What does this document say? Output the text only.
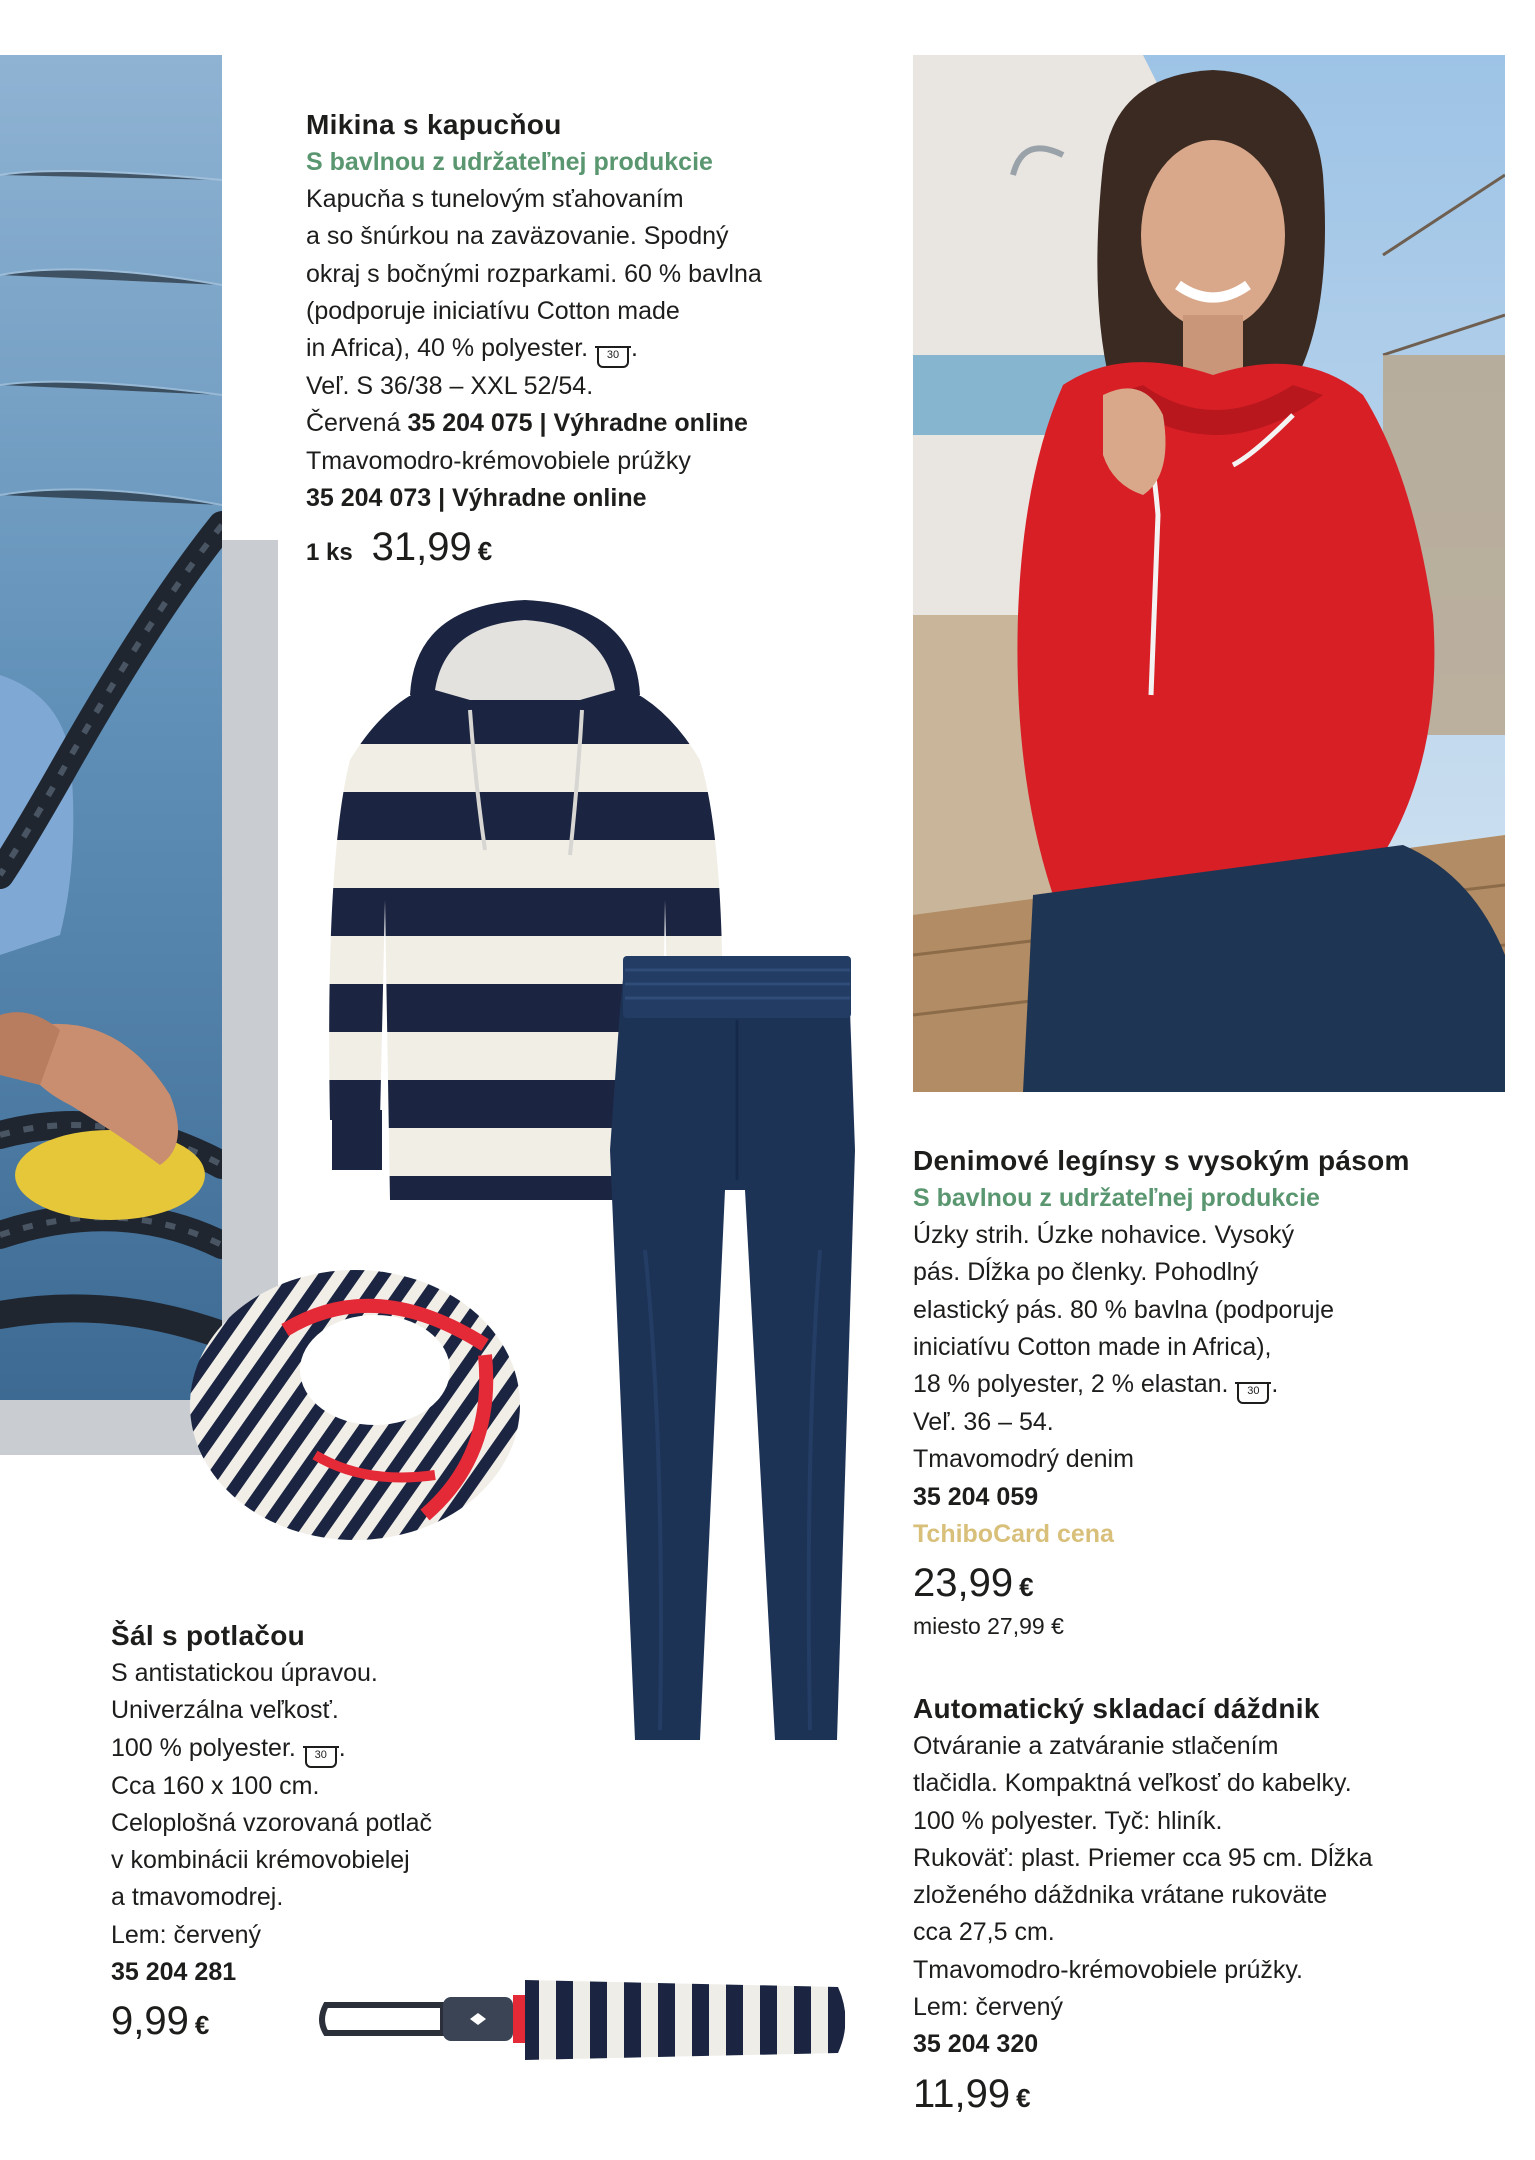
Mikina s kapucňou
S bavlnou z udržateľnej produkcie
Kapucňa s tunelovým sťahovaním
a so šnúrkou na zaväzovanie. Spodný
okraj s bočnými rozparkami. 60 % bavlna
(podporuje iniciatívu Cotton made
in Africa), 40 % polyester. 30 .
Veľ. S 36/38 – XXL 52/54.
Červená 35 204 075 | Výhradne online
Tmavomodro-krémovobiele prúžky
35 204 073 | Výhradne online
1 ks 31,99 €
Denimové legínsy s vysokým pásom
S bavlnou z udržateľnej produkcie
Úzky strih. Úzke nohavice. Vysoký
pás. Dĺžka po členky. Pohodlný
elastický pás. 80 % bavlna (podporuje
iniciatívu Cotton made in Africa),
18 % polyester, 2 % elastan. 30 .
Veľ. 36 – 54.
Tmavomodrý denim
35 204 059
TchiboCard cena
23,99 €
miesto 27,99 €
Šál s potlačou
S antistatickou úpravou.
Univerzálna veľkosť.
100 % polyester. 30 .
Cca 160 x 100 cm.
Celoplošná vzorovaná potlač
v kombinácii krémovobielej
a tmavomodrej.
Lem: červený
35 204 281
9,99 €
Automatický skladací dáždnik
Otváranie a zatváranie stlačením
tlačidla. Kompaktná veľkosť do kabelky.
100 % polyester. Tyč: hliník.
Rukoväť: plast. Priemer cca 95 cm. Dĺžka
zloženého dáždnika vrátane rukoväte
cca 27,5 cm.
Tmavomodro-krémovobiele prúžky.
Lem: červený
35 204 320
11,99 €
